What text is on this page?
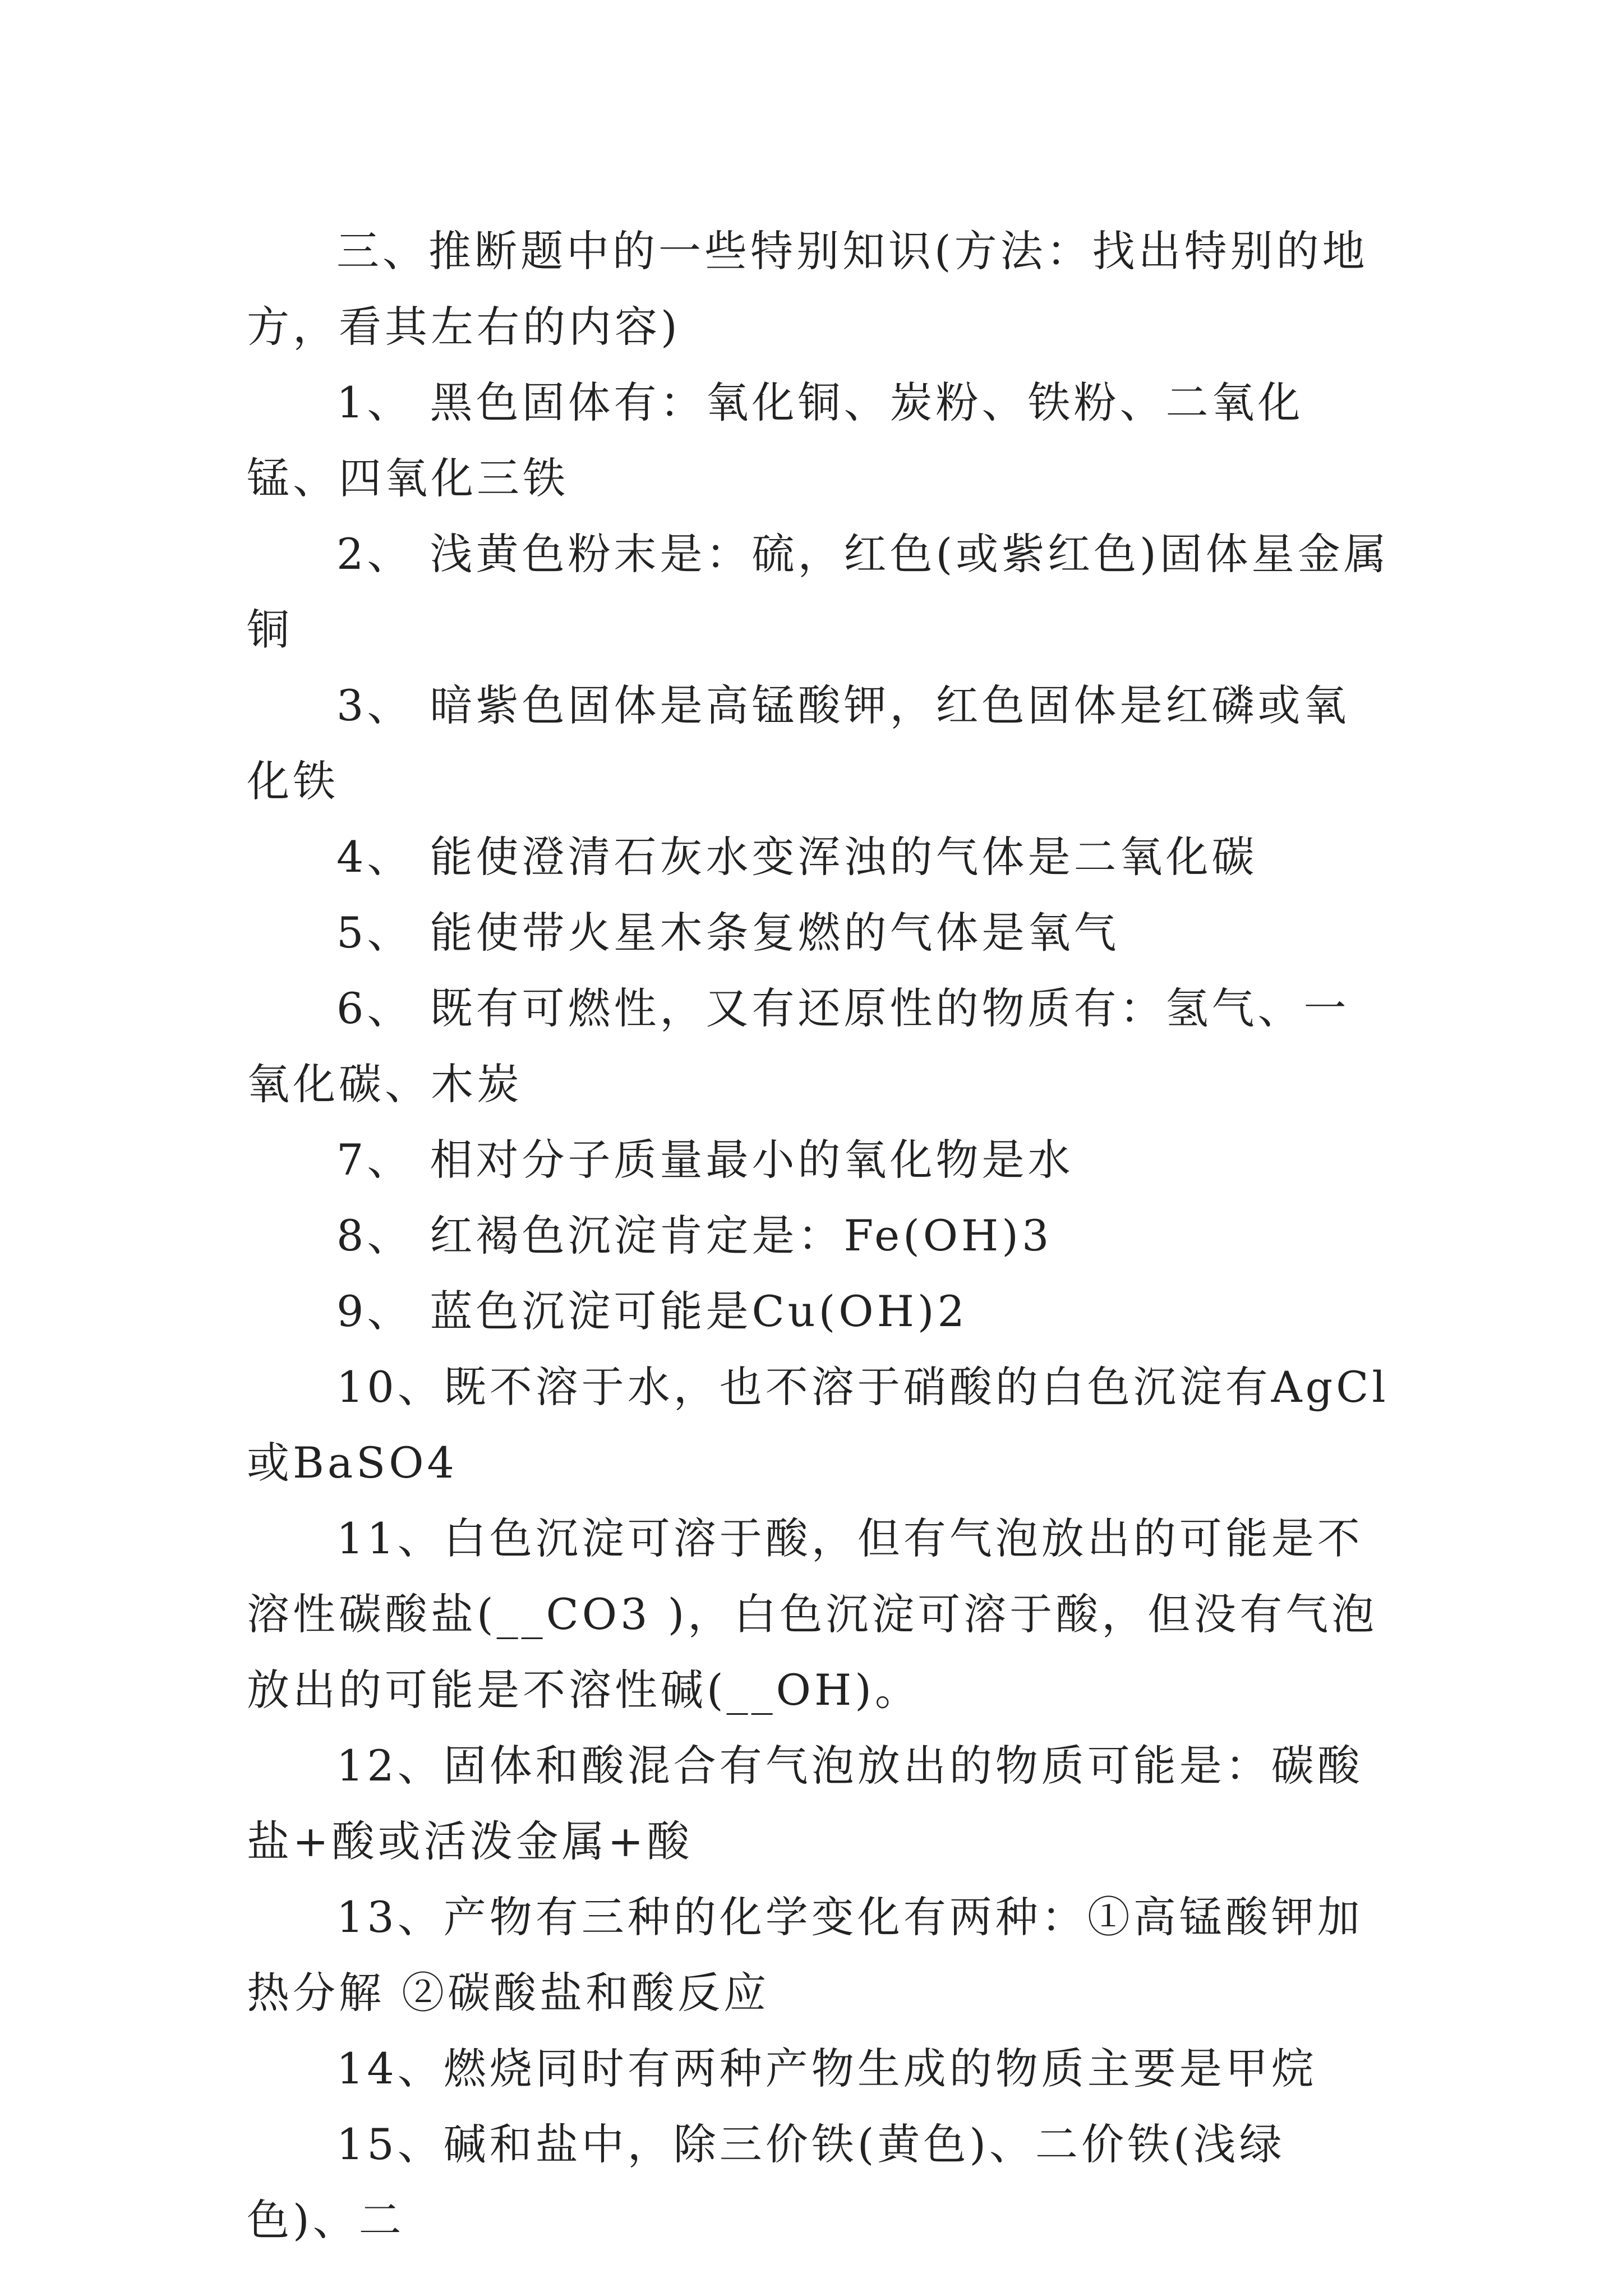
三、推断题中的一些特别知识(方法：找出特别的地方，看其左右的内容)

1、 黑色固体有：氧化铜、炭粉、铁粉、二氧化锰、四氧化三铁

2、 浅黄色粉末是：硫，红色(或紫红色)固体星金属铜

3、 暗紫色固体是高锰酸钾，红色固体是红磷或氧化铁

4、 能使澄清石灰水变浑浊的气体是二氧化碳

5、 能使带火星木条复燃的气体是氧气

6、 既有可燃性，又有还原性的物质有：氢气、一氧化碳、木炭

7、 相对分子质量最小的氧化物是水

8、 红褐色沉淀肯定是：Fe(OH)3

9、 蓝色沉淀可能是Cu(OH)2

10、既不溶于水，也不溶于硝酸的白色沉淀有AgCl或BaSO4

11、白色沉淀可溶于酸，但有气泡放出的可能是不溶性碳酸盐(__CO3 )，白色沉淀可溶于酸，但没有气泡放出的可能是不溶性碱(__OH)。

12、固体和酸混合有气泡放出的物质可能是：碳酸盐+酸或活泼金属+酸

13、产物有三种的化学变化有两种：①高锰酸钾加热分解 ②碳酸盐和酸反应

14、燃烧同时有两种产物生成的物质主要是甲烷

15、碱和盐中，除三价铁(黄色)、二价铁(浅绿色)、二
